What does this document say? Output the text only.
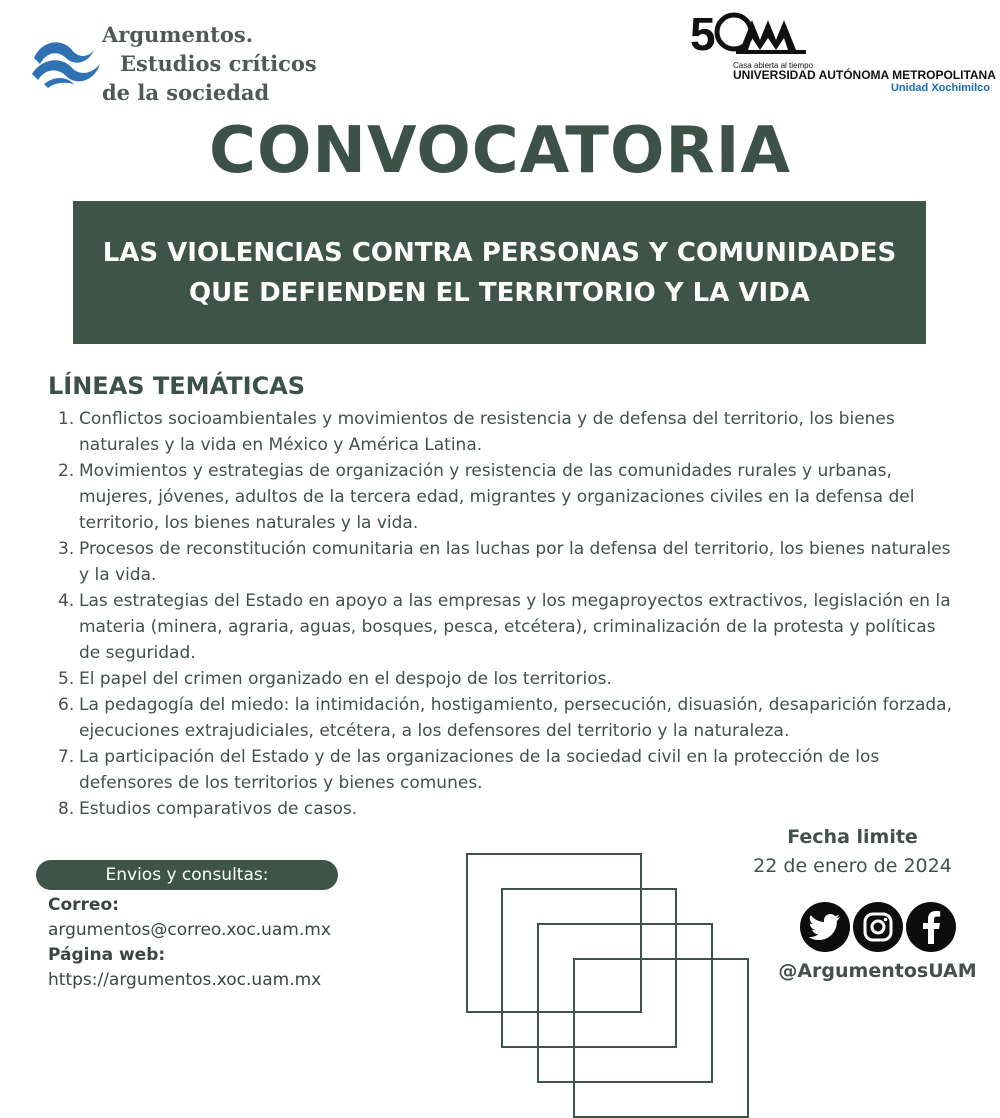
Argumentos.
Estudios críticos
de la sociedad
5
Casa abierta al tiempo
UNIVERSIDAD AUTÓNOMA METROPOLITANA
Unidad Xochimilco
CONVOCATORIA
LAS VIOLENCIAS CONTRA PERSONAS Y COMUNIDADES
QUE DEFIENDEN EL TERRITORIO Y LA VIDA
LÍNEAS TEMÁTICAS
1. Conflictos socioambientales y movimientos de resistencia y de defensa del territorio, los bienes naturales y la vida en México y América Latina.
2. Movimientos y estrategias de organización y resistencia de las comunidades rurales y urbanas, mujeres, jóvenes, adultos de la tercera edad, migrantes y organizaciones civiles en la defensa del territorio, los bienes naturales y la vida.
3. Procesos de reconstitución comunitaria en las luchas por la defensa del territorio, los bienes naturales y la vida.
4. Las estrategias del Estado en apoyo a las empresas y los megaproyectos extractivos, legislación en la materia (minera, agraria, aguas, bosques, pesca, etcétera), criminalización de la protesta y políticas de seguridad.
5. El papel del crimen organizado en el despojo de los territorios.
6. La pedagogía del miedo: la intimidación, hostigamiento, persecución, disuasión, desaparición forzada, ejecuciones extrajudiciales, etcétera, a los defensores del territorio y la naturaleza.
7. La participación del Estado y de las organizaciones de la sociedad civil en la protección de los defensores de los territorios y bienes comunes.
8. Estudios comparativos de casos.
Envios y consultas:
Correo:
argumentos@correo.xoc.uam.mx
Página web:
https://argumentos.xoc.uam.mx
Fecha limite
22 de enero de 2024
@ArgumentosUAM
